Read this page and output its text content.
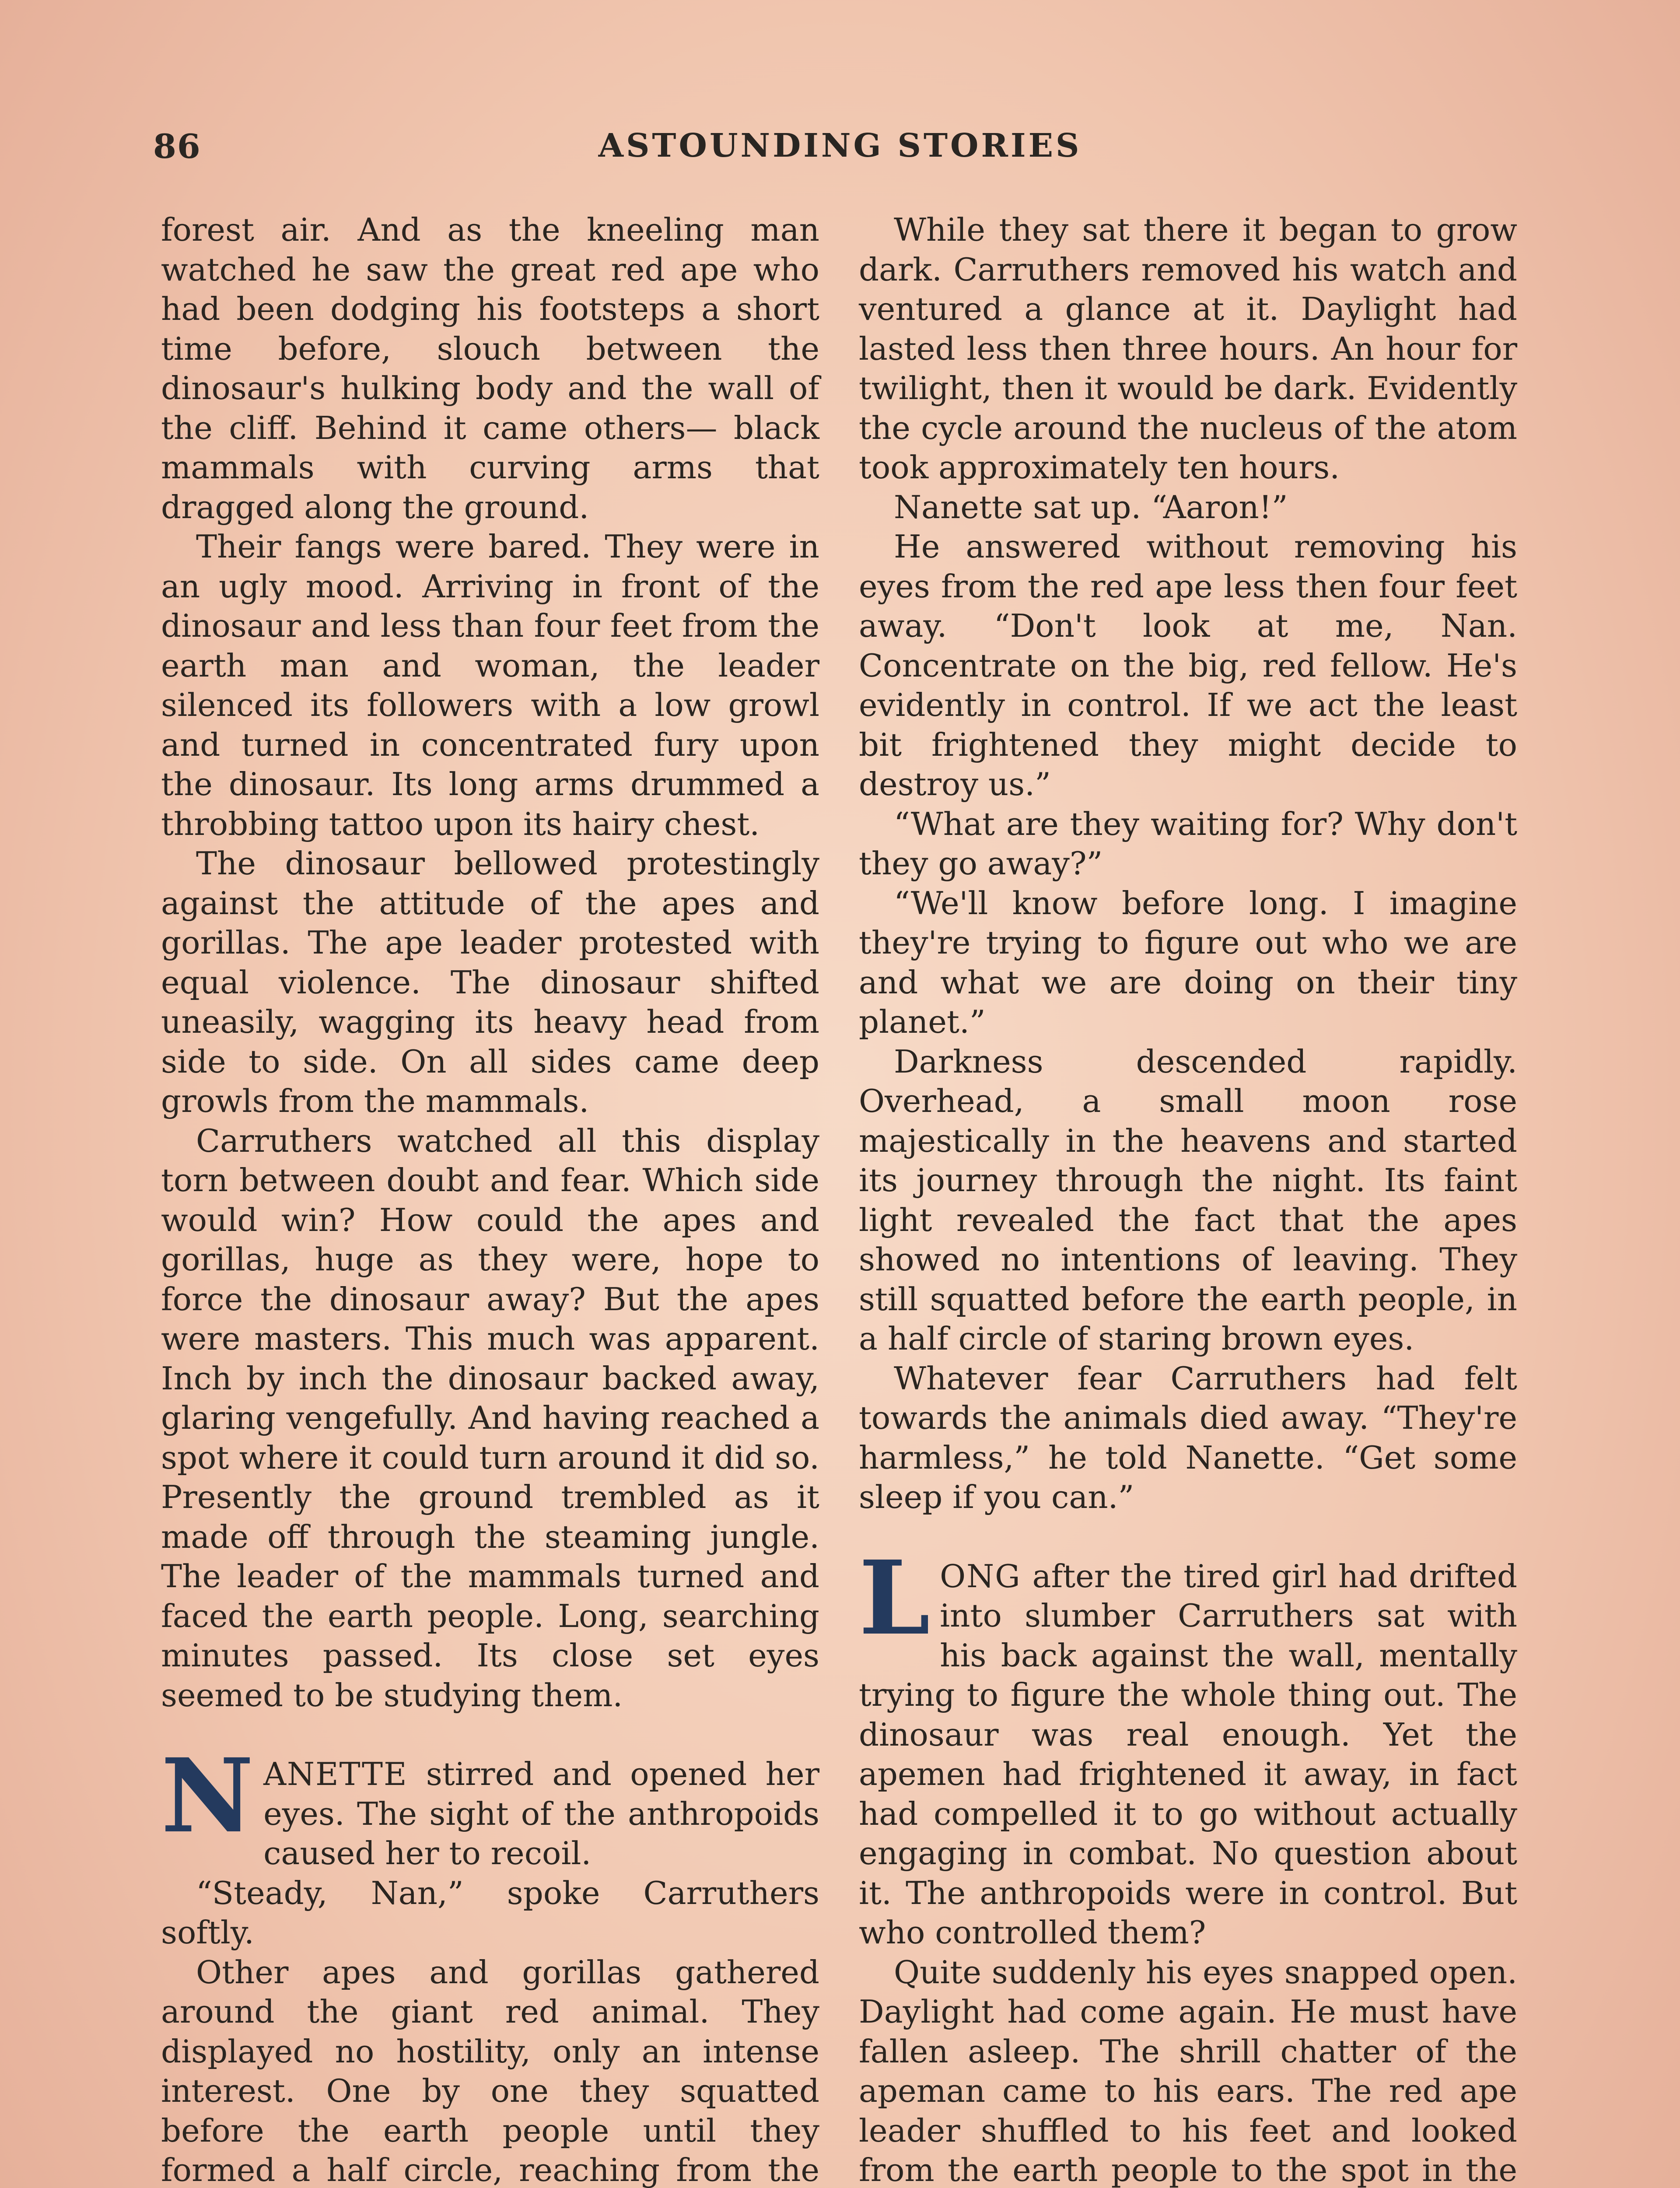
86	ASTOUNDING STORIES

forest air. And as the kneeling man watched he saw the great red ape who had been dodging his footsteps a short time before, slouch between the dinosaur's hulking body and the wall of the cliff. Behind it came others— black mammals with curving arms that dragged along the ground.

Their fangs were bared. They were in an ugly mood. Arriving in front of the dinosaur and less than four feet from the earth man and woman, the leader silenced its followers with a low growl and turned in concentrated fury upon the dinosaur. Its long arms drummed a throbbing tattoo upon its hairy chest.

The dinosaur bellowed protestingly against the attitude of the apes and gorillas. The ape leader protested with equal violence. The dinosaur shifted uneasily, wagging its heavy head from side to side. On all sides came deep growls from the mammals.

Carruthers watched all this display torn between doubt and fear. Which side would win? How could the apes and gorillas, huge as they were, hope to force the dinosaur away? But the apes were masters. This much was apparent. Inch by inch the dinosaur backed away, glaring vengefully. And having reached a spot where it could turn around it did so. Presently the ground trembled as it made off through the steaming jungle. The leader of the mammals turned and faced the earth people. Long, searching minutes passed. Its close set eyes seemed to be studying them.

NANETTE stirred and opened her eyes. The sight of the anthropoids caused her to recoil.

“Steady, Nan,” spoke Carruthers softly.

Other apes and gorillas gathered around the giant red animal. They displayed no hostility, only an intense interest. One by one they squatted before the earth people until they formed a half circle, reaching from the

While they sat there it began to grow dark. Carruthers removed his watch and ventured a glance at it. Daylight had lasted less then three hours. An hour for twilight, then it would be dark. Evidently the cycle around the nucleus of the atom took approximately ten hours.

Nanette sat up. “Aaron!”

He answered without removing his eyes from the red ape less then four feet away. “Don't look at me, Nan. Concentrate on the big, red fellow. He's evidently in control. If we act the least bit frightened they might decide to destroy us.”

“What are they waiting for? Why don't they go away?”

“We'll know before long. I imagine they're trying to figure out who we are and what we are doing on their tiny planet.”

Darkness descended rapidly. Overhead, a small moon rose majestically in the heavens and started its journey through the night. Its faint light revealed the fact that the apes showed no intentions of leaving. They still squatted before the earth people, in a half circle of staring brown eyes.

Whatever fear Carruthers had felt towards the animals died away. “They're harmless,” he told Nanette. “Get some sleep if you can.”

LONG after the tired girl had drifted into slumber Carruthers sat with his back against the wall, mentally trying to figure the whole thing out. The dinosaur was real enough. Yet the apemen had frightened it away, in fact had compelled it to go without actually engaging in combat. No question about it. The anthropoids were in control. But who controlled them?

Quite suddenly his eyes snapped open. Daylight had come again. He must have fallen asleep. The shrill chatter of the apeman came to his ears. The red ape leader shuffled to his feet and looked from the earth people to the spot in the
